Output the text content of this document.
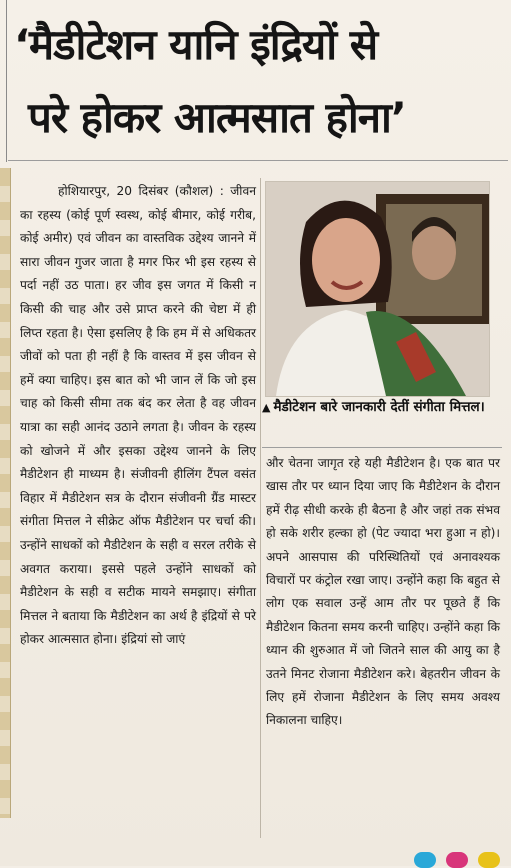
‘मैडीटेशन यानि इंद्रियों से
परे होकर आत्मसात होना’

होशियारपुर, 20 दिसंबर (कौशल) : जीवन का रहस्य (कोई पूर्ण स्वस्थ, कोई बीमार, कोई गरीब, कोई अमीर) एवं जीवन का वास्तविक उद्देश्य जानने में सारा जीवन गुजर जाता है मगर फिर भी इस रहस्य से पर्दा नहीं उठ पाता। हर जीव इस जगत में किसी न किसी की चाह और उसे प्राप्त करने की चेष्टा में ही लिप्त रहता है। ऐसा इसलिए है कि हम में से अधिकतर जीवों को पता ही नहीं है कि वास्तव में इस जीवन से हमें क्या चाहिए। इस बात को भी जान लें कि जो इस चाह को किसी सीमा तक बंद कर लेता है वह जीवन यात्रा का सही आनंद उठाने लगता है। जीवन के रहस्य को खोजने में और इसका उद्देश्य जानने के लिए मैडीटेशन ही माध्यम है। संजीवनी हीलिंग टैंपल वसंत विहार में मैडीटेशन सत्र के दौरान संजीवनी ग्रैंड मास्टर संगीता मित्तल ने सीक्रेट ऑफ मैडीटेशन पर चर्चा की। उन्होंने साधकों को मैडीटेशन के सही व सरल तरीके से अवगत कराया। इससे पहले उन्होंने साधकों को मैडीटेशन के सही व सटीक मायने समझाए। संगीता मित्तल ने बताया कि मैडीटेशन का अर्थ है इंद्रियों से परे होकर आत्मसात होना। इंद्रियां सो जाएं

▲ मैडीटेशन बारे जानकारी देतीं संगीता मित्तल।

और चेतना जागृत रहे यही मैडीटेशन है। एक बात पर खास तौर पर ध्यान दिया जाए कि मैडीटेशन के दौरान हमें रीढ़ सीधी करके ही बैठना है और जहां तक संभव हो सके शरीर हल्का हो (पेट ज्यादा भरा हुआ न हो)। अपने आसपास की परिस्थितियों एवं अनावश्यक विचारों पर कंट्रोल रखा जाए। उन्होंने कहा कि बहुत से लोग एक सवाल उन्हें आम तौर पर पूछते हैं कि मैडीटेशन कितना समय करनी चाहिए। उन्होंने कहा कि ध्यान की शुरुआत में जो जितने साल की आयु का है उतने मिनट रोजाना मैडीटेशन करे। बेहतरीन जीवन के लिए हमें रोजाना मैडीटेशन के लिए समय अवश्य निकालना चाहिए।
